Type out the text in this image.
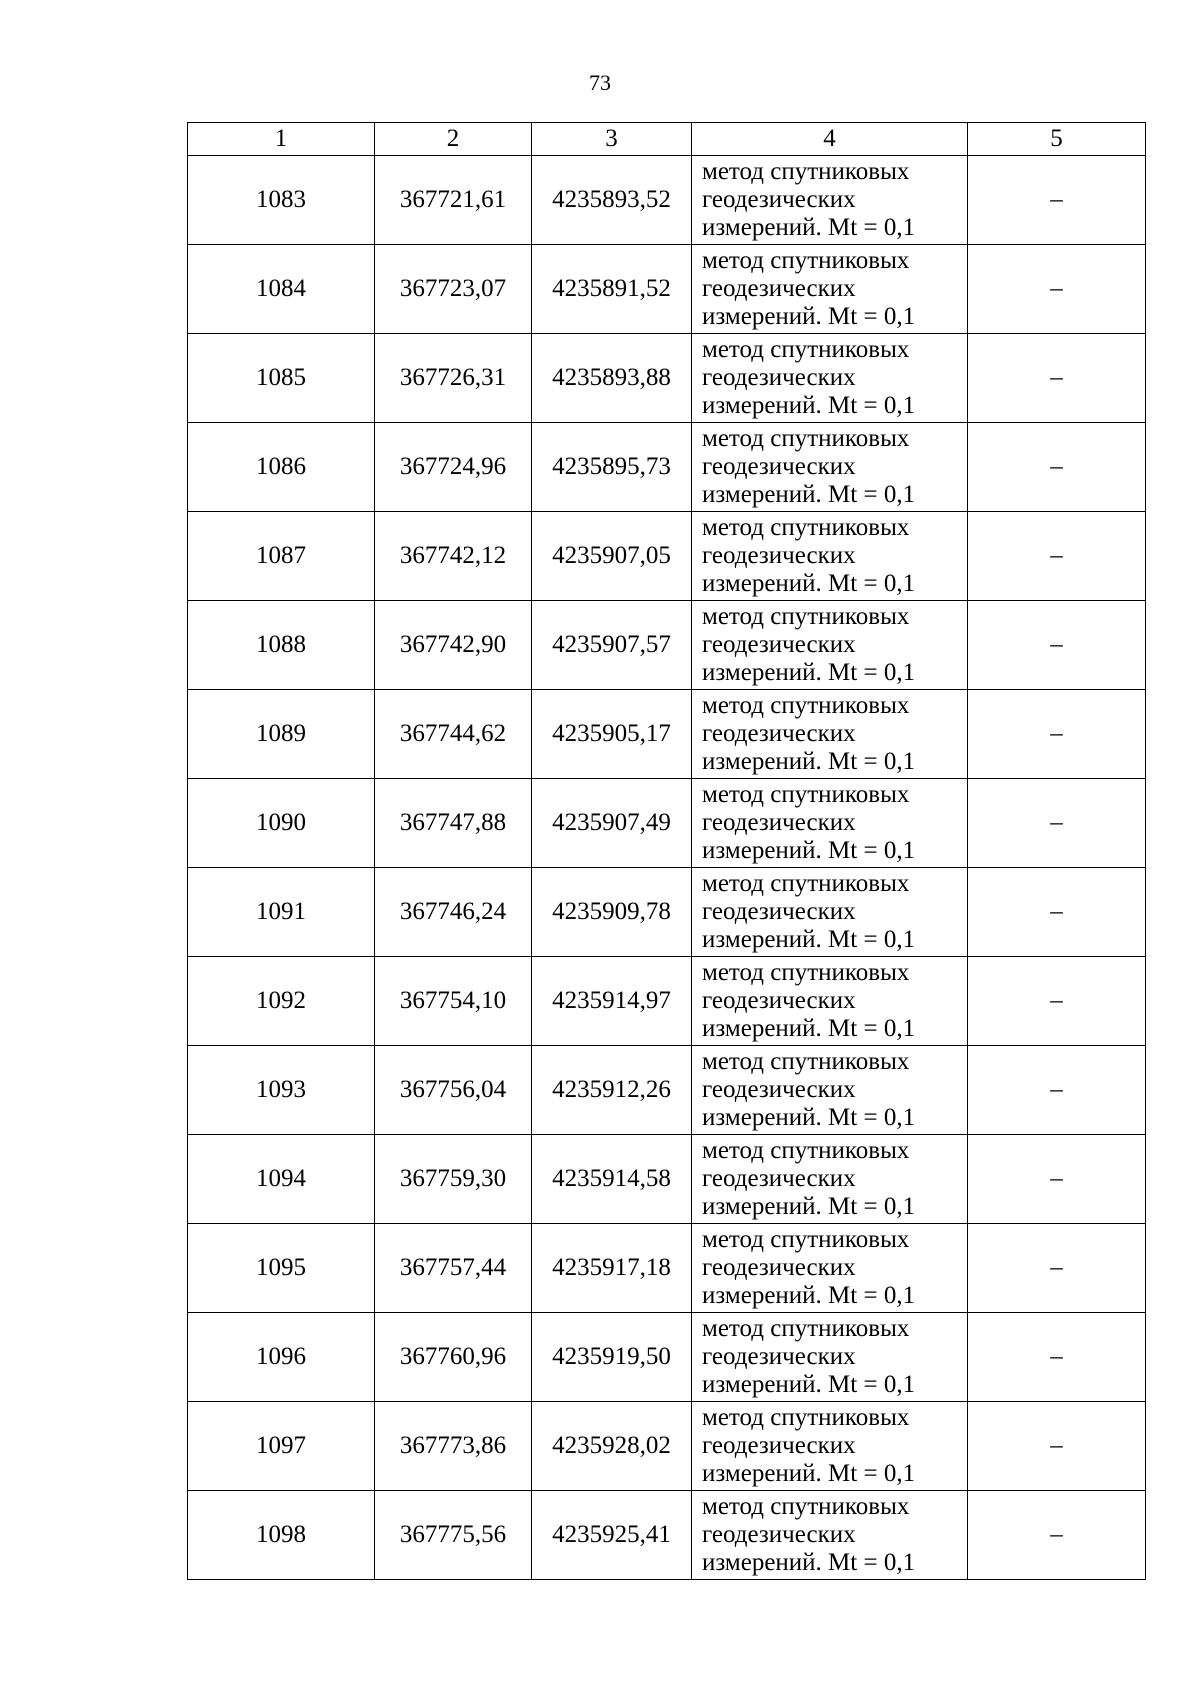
73
1	2	3	4	5
1083	367721,61	4235893,52	метод спутниковых
геодезических
измерений. Mt = 0,1	–
1084	367723,07	4235891,52	метод спутниковых
геодезических
измерений. Mt = 0,1	–
1085	367726,31	4235893,88	метод спутниковых
геодезических
измерений. Mt = 0,1	–
1086	367724,96	4235895,73	метод спутниковых
геодезических
измерений. Mt = 0,1	–
1087	367742,12	4235907,05	метод спутниковых
геодезических
измерений. Mt = 0,1	–
1088	367742,90	4235907,57	метод спутниковых
геодезических
измерений. Mt = 0,1	–
1089	367744,62	4235905,17	метод спутниковых
геодезических
измерений. Mt = 0,1	–
1090	367747,88	4235907,49	метод спутниковых
геодезических
измерений. Mt = 0,1	–
1091	367746,24	4235909,78	метод спутниковых
геодезических
измерений. Mt = 0,1	–
1092	367754,10	4235914,97	метод спутниковых
геодезических
измерений. Mt = 0,1	–
1093	367756,04	4235912,26	метод спутниковых
геодезических
измерений. Mt = 0,1	–
1094	367759,30	4235914,58	метод спутниковых
геодезических
измерений. Mt = 0,1	–
1095	367757,44	4235917,18	метод спутниковых
геодезических
измерений. Mt = 0,1	–
1096	367760,96	4235919,50	метод спутниковых
геодезических
измерений. Mt = 0,1	–
1097	367773,86	4235928,02	метод спутниковых
геодезических
измерений. Mt = 0,1	–
1098	367775,56	4235925,41	метод спутниковых
геодезических
измерений. Mt = 0,1	–
